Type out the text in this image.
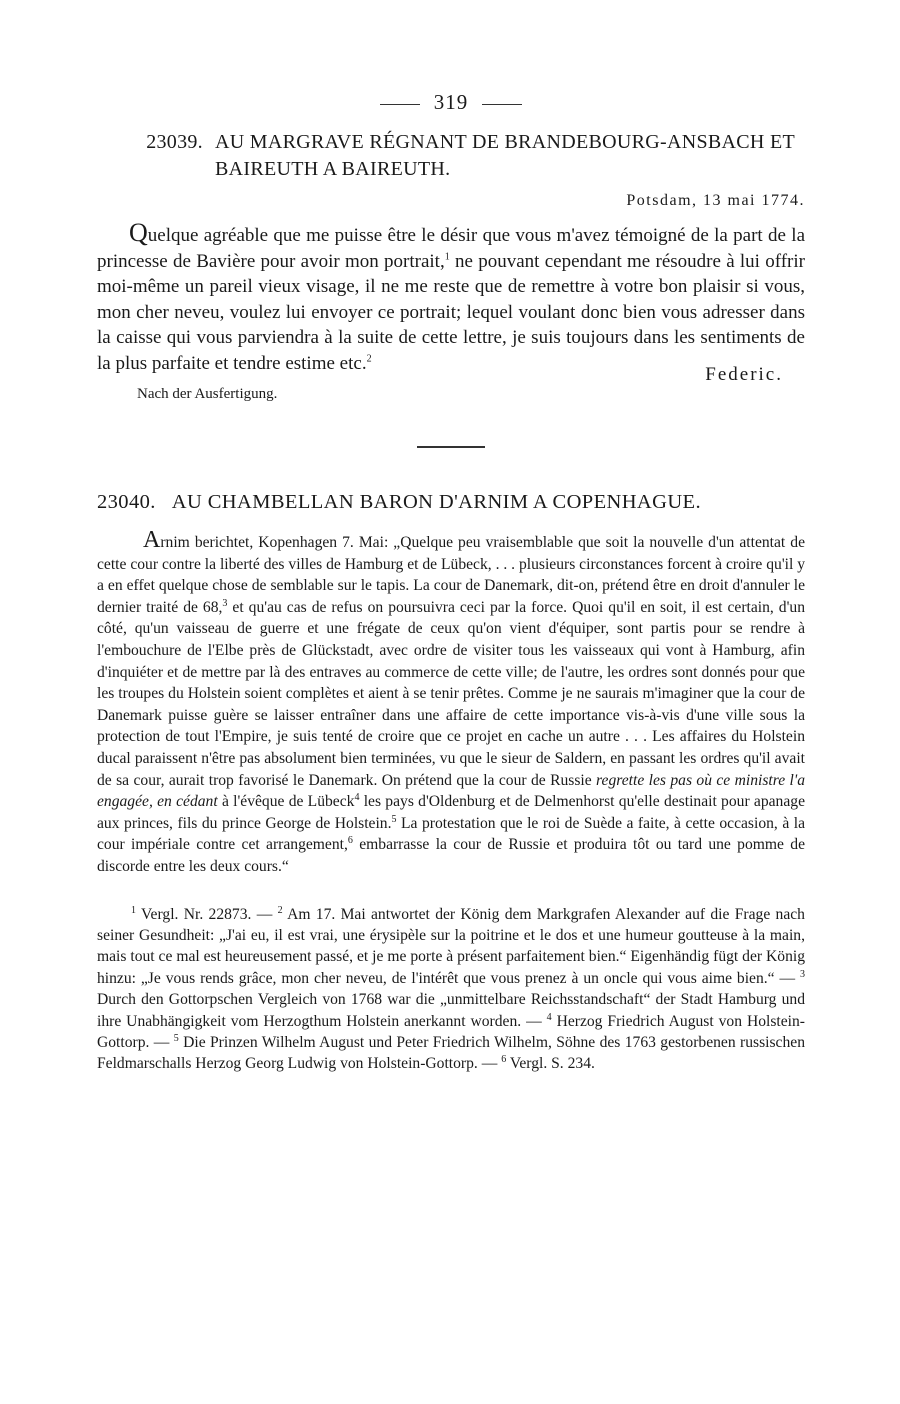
319
23039. AU MARGRAVE RÉGNANT DE BRANDEBOURG-ANSBACH ET BAIREUTH A BAIREUTH.
Potsdam, 13 mai 1774.
Quelque agréable que me puisse être le désir que vous m'avez témoigné de la part de la princesse de Bavière pour avoir mon portrait,$^1$ ne pouvant cependant me résoudre à lui offrir moi-même un pareil vieux visage, il ne me reste que de remettre à votre bon plaisir si vous, mon cher neveu, voulez lui envoyer ce portrait; lequel voulant donc bien vous adresser dans la caisse qui vous parviendra à la suite de cette lettre, je suis toujours dans les sentiments de la plus parfaite et tendre estime etc.$^2$
Nach der Ausfertigung.
Federic.
23040. AU CHAMBELLAN BARON D'ARNIM A COPENHAGUE.
Arnim berichtet, Kopenhagen 7. Mai: „Quelque peu vraisemblable que soit la nouvelle d'un attentat de cette cour contre la liberté des villes de Hamburg et de Lübeck, . . . plusieurs circonstances forcent à croire qu'il y a en effet quelque chose de semblable sur le tapis. La cour de Danemark, dit-on, prétend être en droit d'annuler le dernier traité de 68,$^3$ et qu'au cas de refus on poursuivra ceci par la force. Quoi qu'il en soit, il est certain, d'un côté, qu'un vaisseau de guerre et une frégate de ceux qu'on vient d'équiper, sont partis pour se rendre à l'embouchure de l'Elbe près de Glückstadt, avec ordre de visiter tous les vaisseaux qui vont à Hamburg, afin d'inquiéter et de mettre par là des entraves au commerce de cette ville; de l'autre, les ordres sont donnés pour que les troupes du Holstein soient complètes et aient à se tenir prêtes. Comme je ne saurais m'imaginer que la cour de Danemark puisse guère se laisser entraîner dans une affaire de cette importance vis-à-vis d'une ville sous la protection de tout l'Empire, je suis tenté de croire que ce projet en cache un autre . . . Les affaires du Holstein ducal paraissent n'être pas absolument bien terminées, vu que le sieur de Saldern, en passant les ordres qu'il avait de sa cour, aurait trop favorisé le Danemark. On prétend que la cour de Russie regrette les pas où ce ministre l'a engagée, en cédant à l'évêque de Lübeck$^4$ les pays d'Oldenburg et de Delmenhorst qu'elle destinait pour apanage aux princes, fils du prince George de Holstein.$^5$ La protestation que le roi de Suède a faite, à cette occasion, à la cour impériale contre cet arrangement,$^6$ embarrasse la cour de Russie et produira tôt ou tard une pomme de discorde entre les deux cours.“
$^1$ Vergl. Nr. 22873. — $^2$ Am 17. Mai antwortet der König dem Markgrafen Alexander auf die Frage nach seiner Gesundheit: „J'ai eu, il est vrai, une érysipèle sur la poitrine et le dos et une humeur goutteuse à la main, mais tout ce mal est heureusement passé, et je me porte à présent parfaitement bien.“ Eigenhändig fügt der König hinzu: „Je vous rends grâce, mon cher neveu, de l'intérêt que vous prenez à un oncle qui vous aime bien.“ — $^3$ Durch den Gottorpschen Vergleich von 1768 war die „unmittelbare Reichsstandschaft“ der Stadt Hamburg und ihre Unabhängigkeit vom Herzogthum Holstein anerkannt worden. — $^4$ Herzog Friedrich August von Holstein-Gottorp. — $^5$ Die Prinzen Wilhelm August und Peter Friedrich Wilhelm, Söhne des 1763 gestorbenen russischen Feldmarschalls Herzog Georg Ludwig von Holstein-Gottorp. — $^6$ Vergl. S. 234.
